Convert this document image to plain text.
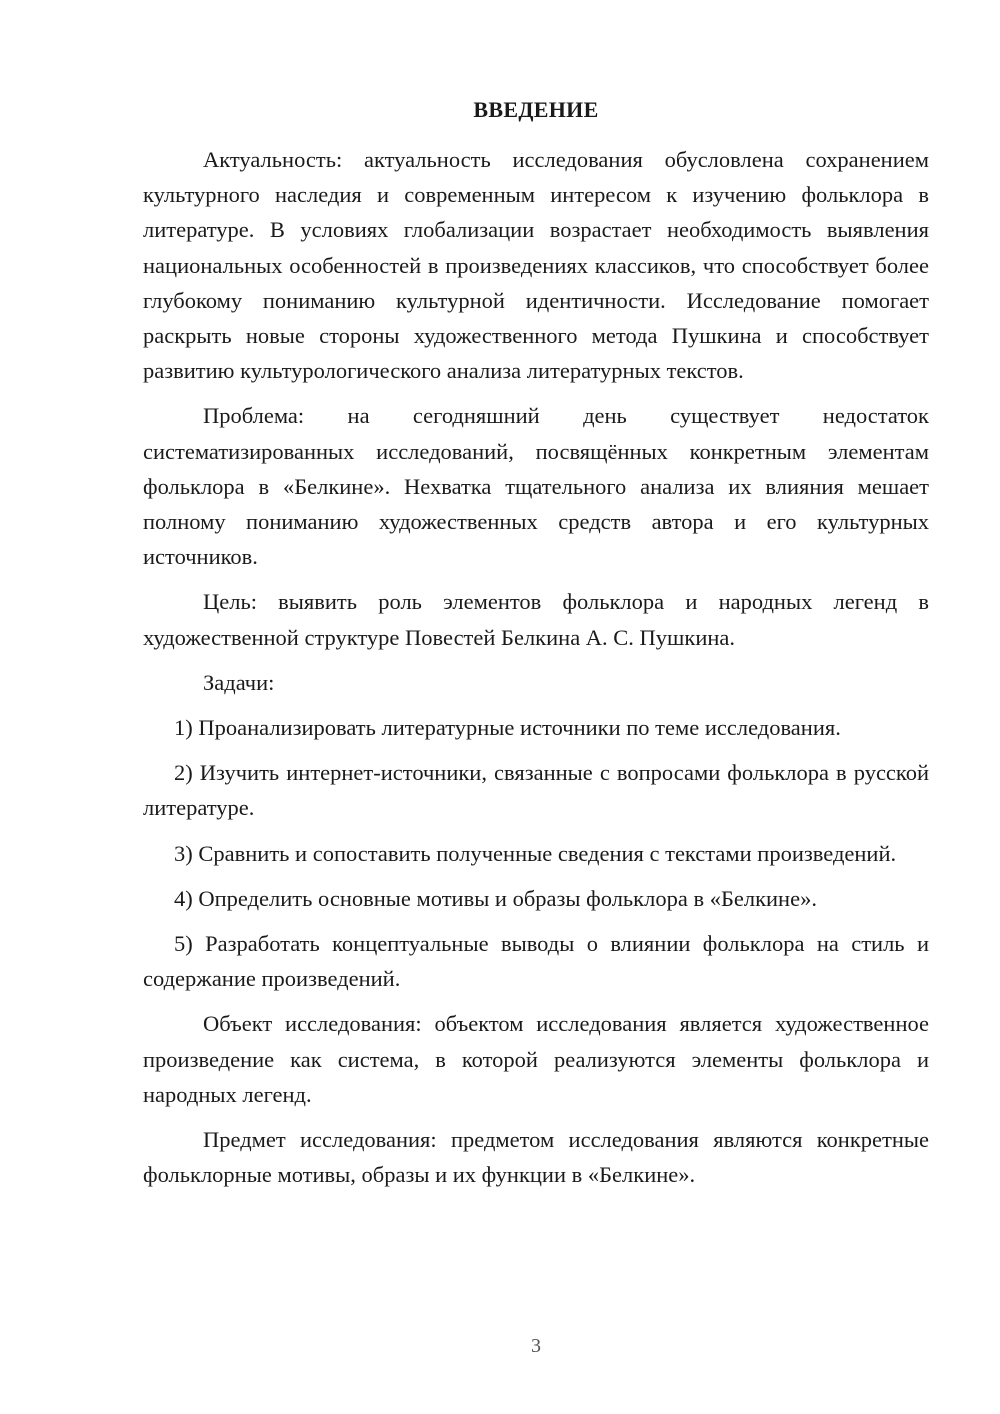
ВВЕДЕНИЕ

Актуальность: актуальность исследования обусловлена сохранением культурного наследия и современным интересом к изучению фольклора в литературе. В условиях глобализации возрастает необходимость выявления национальных особенностей в произведениях классиков, что способствует более глубокому пониманию культурной идентичности. Исследование помогает раскрыть новые стороны художественного метода Пушкина и способствует развитию культурологического анализа литературных текстов.

Проблема: на сегодняшний день существует недостаток систематизированных исследований, посвящённых конкретным элементам фольклора в «Белкине». Нехватка тщательного анализа их влияния мешает полному пониманию художественных средств автора и его культурных источников.

Цель: выявить роль элементов фольклора и народных легенд в художественной структуре Повестей Белкина А. С. Пушкина.

Задачи:

1) Проанализировать литературные источники по теме исследования.

2) Изучить интернет-источники, связанные с вопросами фольклора в русской литературе.

3) Сравнить и сопоставить полученные сведения с текстами произведений.

4) Определить основные мотивы и образы фольклора в «Белкине».

5) Разработать концептуальные выводы о влиянии фольклора на стиль и содержание произведений.

Объект исследования: объектом исследования является художественное произведение как система, в которой реализуются элементы фольклора и народных легенд.

Предмет исследования: предметом исследования являются конкретные фольклорные мотивы, образы и их функции в «Белкине».

3
